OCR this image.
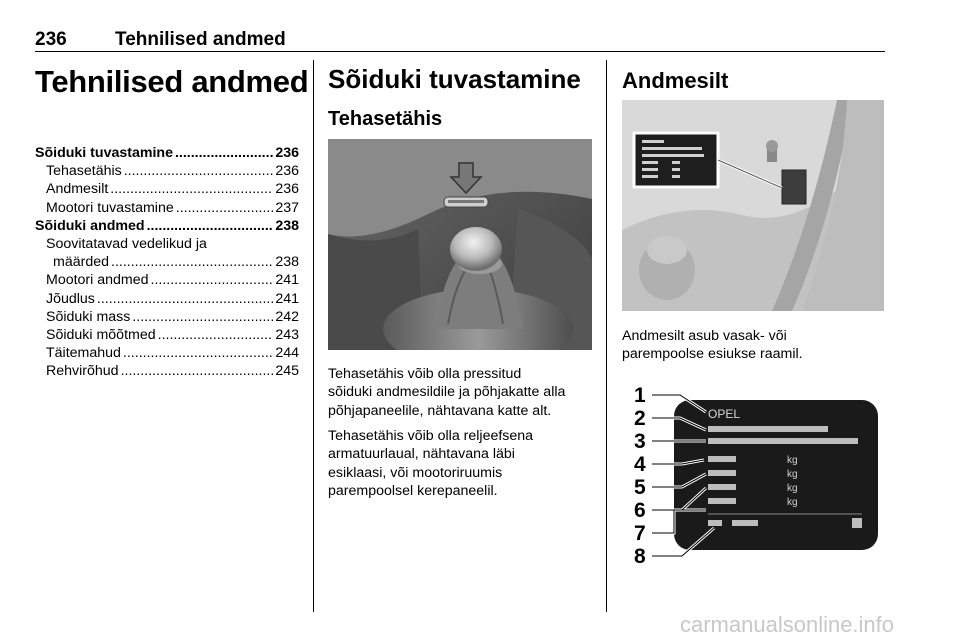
236	Tehnilised andmed
Tehnilised andmed
Sõiduki tuvastamine .....	236
Tehasetähis .....	236
Andmesilt .....	236
Mootori tuvastamine .....	237
Sõiduki andmed .....	238
Soovitatavad vedelikud ja
määrded .....	238
Mootori andmed .....	241
Jõudlus .....	241
Sõiduki mass .....	242
Sõiduki mõõtmed .....	243
Täitemahud .....	244
Rehvirõhud .....	245
Sõiduki tuvastamine
Tehasetähis
Tehasetähis võib olla pressitud
sõiduki andmesildile ja põhjakatte alla
põhjapaneelile, nähtavana katte alt.
Tehasetähis võib olla reljeefsena
armatuurlaual, nähtavana läbi
esiklaasi, või mootoriruumis
parempoolsel kerepaneelil.
Andmesilt
Andmesilt asub vasak- või
parempoolse esiukse raamil.
1
2
3
4
5
6
7
8
OPEL
kg
kg
kg
kg
carmanualsonline.info
